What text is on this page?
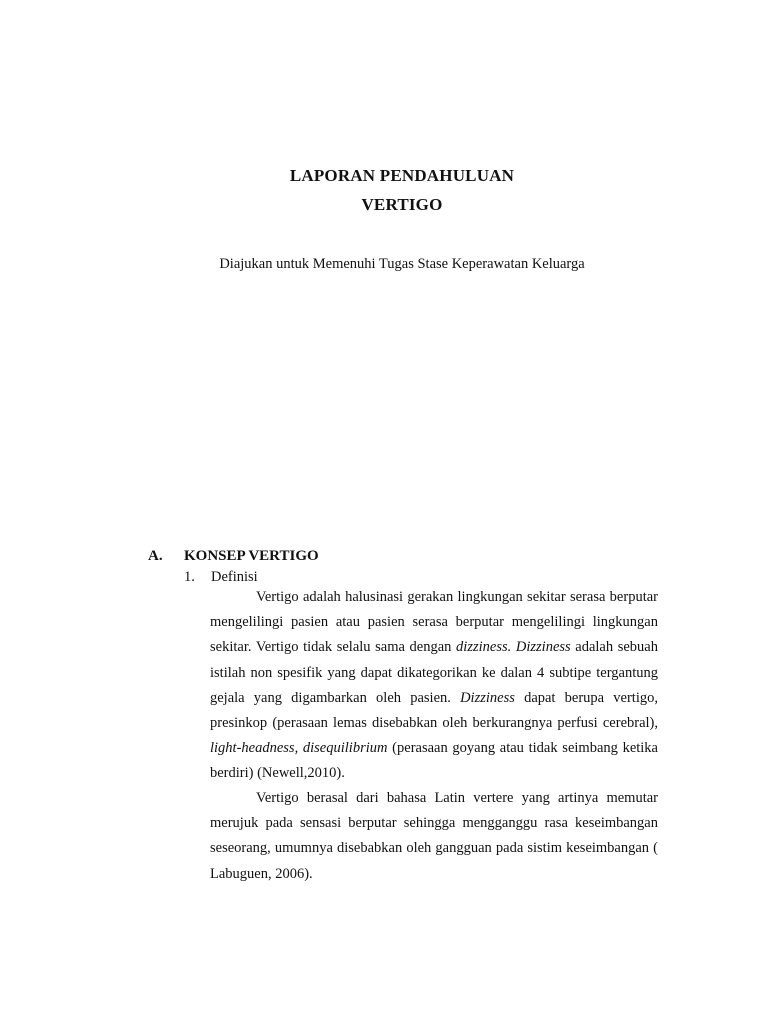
LAPORAN PENDAHULUAN
VERTIGO
Diajukan untuk Memenuhi Tugas Stase Keperawatan Keluarga
A. KONSEP VERTIGO
1. Definisi

Vertigo adalah halusinasi gerakan lingkungan sekitar serasa berputar mengelilingi pasien atau pasien serasa berputar mengelilingi lingkungan sekitar. Vertigo tidak selalu sama dengan dizziness. Dizziness adalah sebuah istilah non spesifik yang dapat dikategorikan ke dalan 4 subtipe tergantung gejala yang digambarkan oleh pasien. Dizziness dapat berupa vertigo, presinkop (perasaan lemas disebabkan oleh berkurangnya perfusi cerebral), light-headness, disequilibrium (perasaan goyang atau tidak seimbang ketika berdiri) (Newell,2010).

Vertigo berasal dari bahasa Latin vertere yang artinya memutar merujuk pada sensasi berputar sehingga mengganggu rasa keseimbangan seseorang, umumnya disebabkan oleh gangguan pada sistim keseimbangan ( Labuguen, 2006).
